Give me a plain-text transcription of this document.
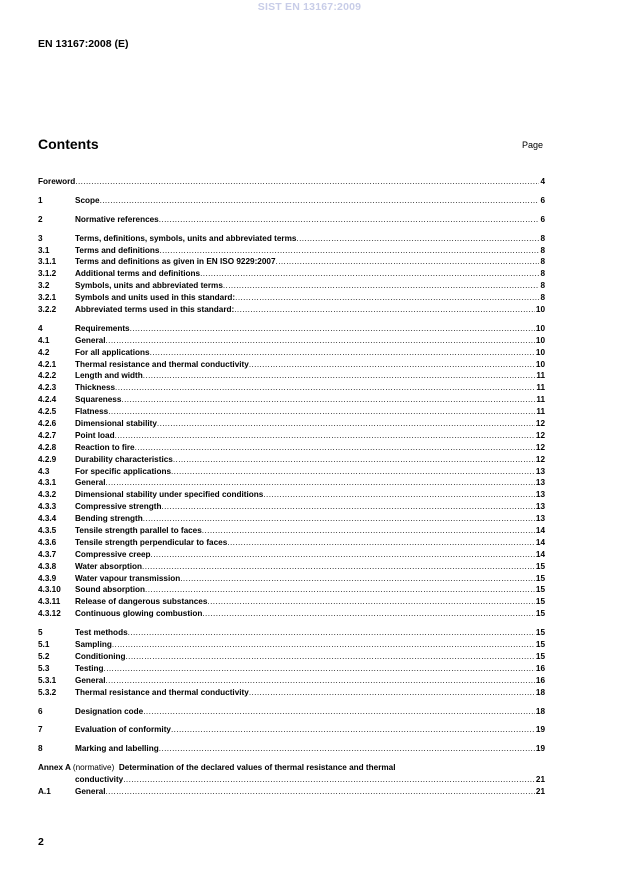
SIST EN 13167:2009
EN 13167:2008 (E)
Contents	Page
Foreword .....	4
1	Scope .....	6
2	Normative references .....	6
3	Terms, definitions, symbols, units and abbreviated terms .....	8
3.1	Terms and definitions .....	8
3.1.1	Terms and definitions as given in EN ISO 9229:2007 .....	8
3.1.2	Additional terms and definitions .....	8
3.2	Symbols, units and abbreviated terms .....	8
3.2.1	Symbols and units used in this standard: .....	8
3.2.2	Abbreviated terms used in this standard: .....	10
4	Requirements .....	10
4.1	General .....	10
4.2	For all applications .....	10
4.2.1	Thermal resistance and thermal conductivity .....	10
4.2.2	Length and width .....	11
4.2.3	Thickness .....	11
4.2.4	Squareness .....	11
4.2.5	Flatness .....	11
4.2.6	Dimensional stability .....	12
4.2.7	Point load .....	12
4.2.8	Reaction to fire .....	12
4.2.9	Durability characteristics .....	12
4.3	For specific applications .....	13
4.3.1	General .....	13
4.3.2	Dimensional stability under specified conditions .....	13
4.3.3	Compressive strength .....	13
4.3.4	Bending strength .....	13
4.3.5	Tensile strength parallel to faces .....	14
4.3.6	Tensile strength perpendicular to faces .....	14
4.3.7	Compressive creep .....	14
4.3.8	Water absorption .....	15
4.3.9	Water vapour transmission .....	15
4.3.10	Sound absorption .....	15
4.3.11	Release of dangerous substances .....	15
4.3.12	Continuous glowing combustion .....	15
5	Test methods .....	15
5.1	Sampling .....	15
5.2	Conditioning .....	15
5.3	Testing .....	16
5.3.1	General .....	16
5.3.2	Thermal resistance and thermal conductivity .....	18
6	Designation code .....	18
7	Evaluation of conformity .....	19
8	Marking and labelling .....	19
Annex A (normative) Determination of the declared values of thermal resistance and thermal
conductivity .....	21
A.1	General .....	21
2
